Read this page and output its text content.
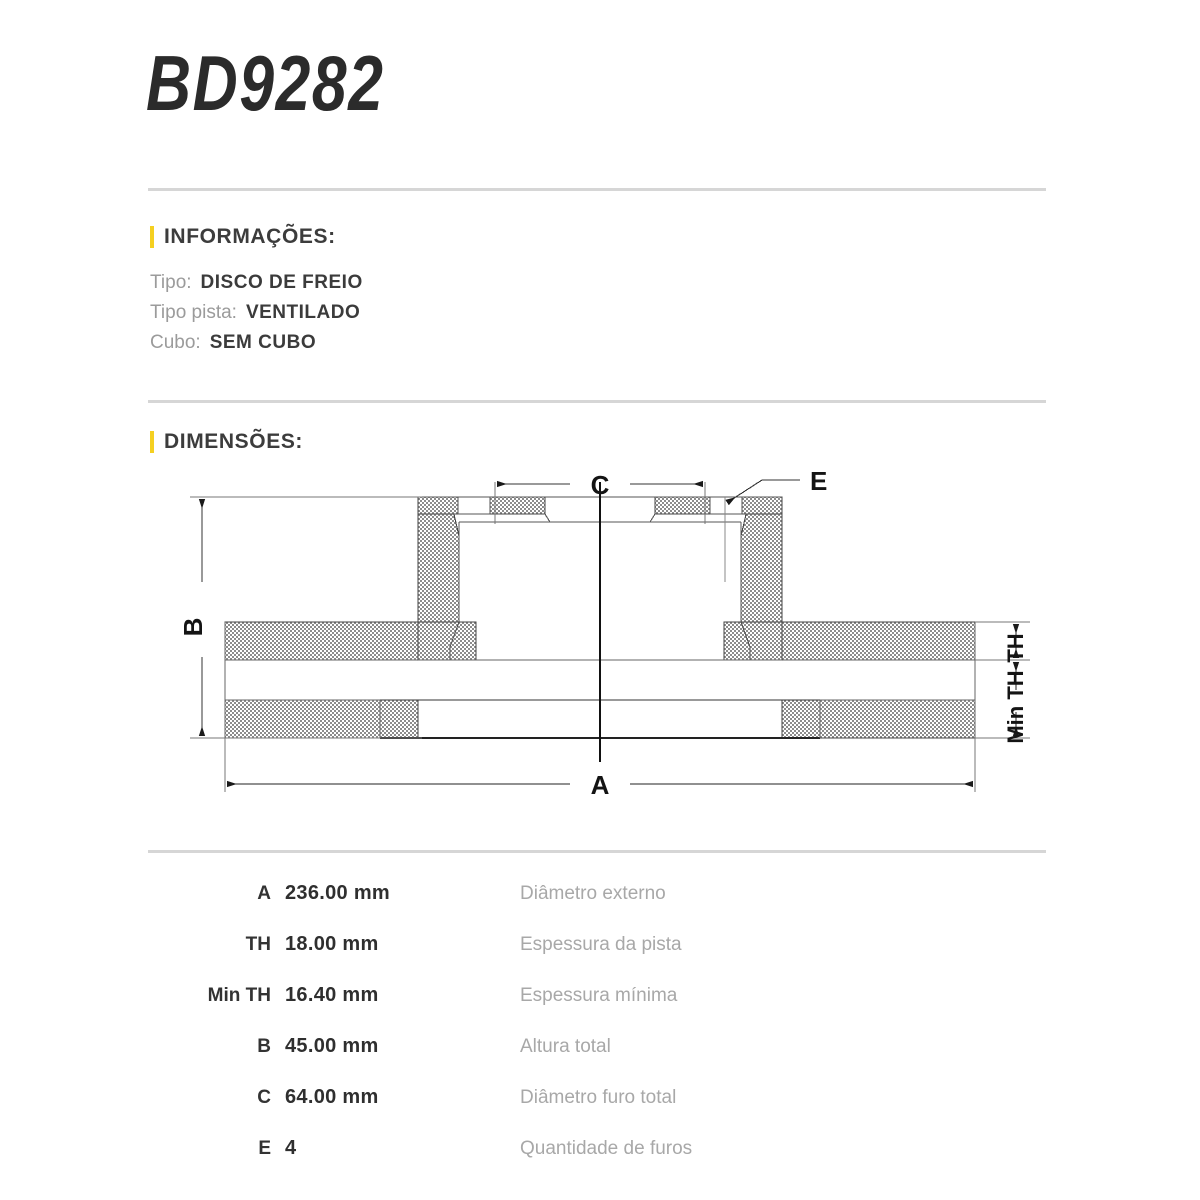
BD9282
INFORMAÇÕES:
Tipo: DISCO DE FREIO
Tipo pista: VENTILADO
Cubo: SEM CUBO
DIMENSÕES:
C	E
B
A
TH
Min TH
A 236.00 mm	Diâmetro externo
TH 18.00 mm	Espessura da pista
Min TH 16.40 mm	Espessura mínima
B 45.00 mm	Altura total
C 64.00 mm	Diâmetro furo total
E 4	Quantidade de furos
